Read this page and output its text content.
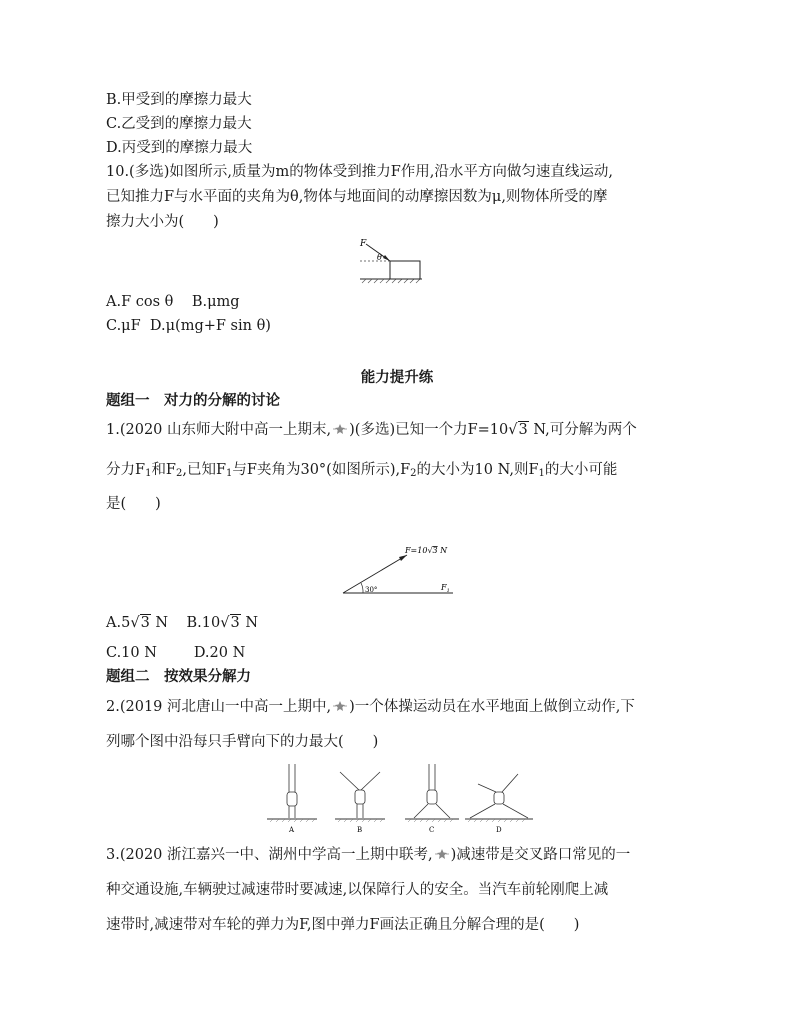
B.甲受到的摩擦力最大
C.乙受到的摩擦力最大
D.丙受到的摩擦力最大
10.(多选)如图所示,质量为m的物体受到推力F作用,沿水平方向做匀速直线运动,
已知推力F与水平面的夹角为θ,物体与地面间的动摩擦因数为μ,则物体所受的摩
擦力大小为(　　)
F
θ
A.F cos θ B.μmg
C.μF D.μ(mg+F sin θ)
能力提升练
题组一　对力的分解的讨论
1.(2020 山东师大附中高一上期末, )(多选)已知一个力F=10√3 N,可分解为两个
分力$F_1$和$F_2$,已知$F_1$与F夹角为30°(如图所示)$,F_2$的大小为10 N,则$F_1$的大小可能
是(　　)
F=10√3 N
30°	$F_1$
A.5√3 N B.10√3 N
C.10 N	D.20 N
题组二　按效果分解力
2.(2019 河北唐山一中高一上期中, )一个体操运动员在水平地面上做倒立动作,下
列哪个图中沿每只手臂向下的力最大(　　)
A	B	C	D
3.(2020 浙江嘉兴一中、湖州中学高一上期中联考, )减速带是交叉路口常见的一
种交通设施,车辆驶过减速带时要减速,以保障行人的安全。当汽车前轮刚爬上减
速带时,减速带对车轮的弹力为F,图中弹力F画法正确且分解合理的是(　　)
